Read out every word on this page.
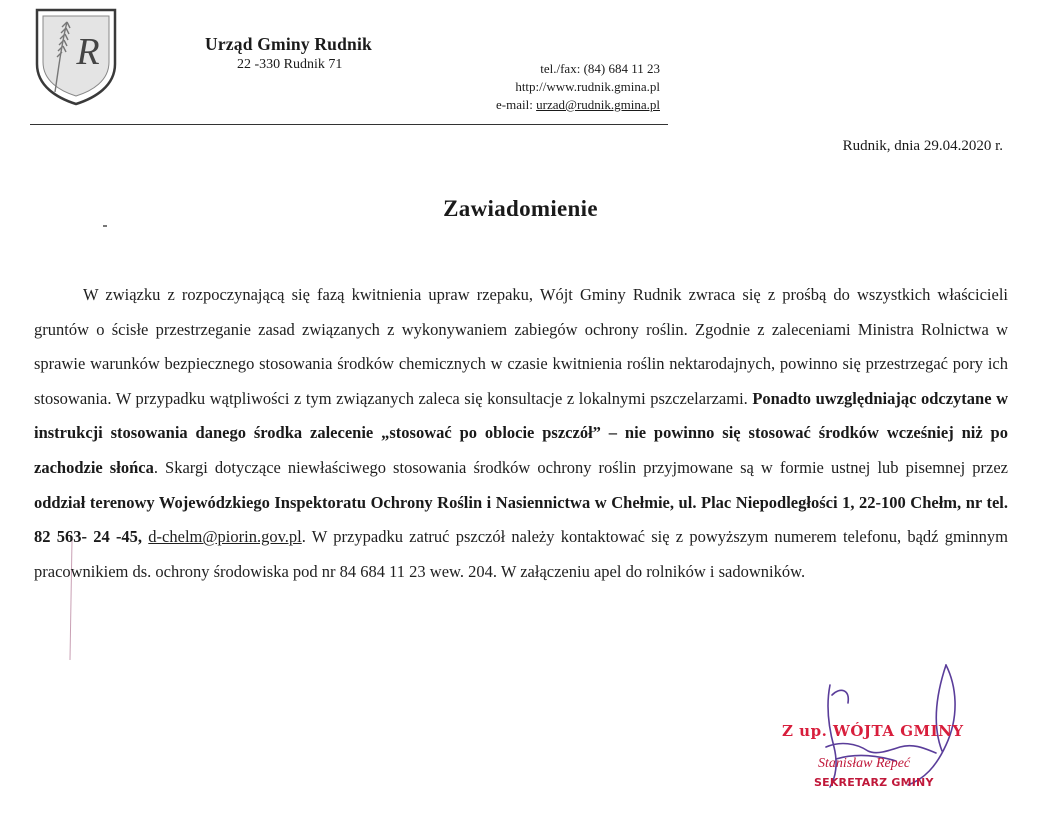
R	Urząd Gminy Rudnik
22 -330 Rudnik 71	tel./fax: (84) 684 11 23
http://www.rudnik.gmina.pl
e-mail: urzad@rudnik.gmina.pl
Rudnik, dnia 29.04.2020 r.
Zawiadomienie

W związku z rozpoczynającą się fazą kwitnienia upraw rzepaku, Wójt Gminy Rudnik zwraca się z prośbą do wszystkich właścicieli gruntów o ścisłe przestrzeganie zasad związanych z wykonywaniem zabiegów ochrony roślin. Zgodnie z zaleceniami Ministra Rolnictwa w sprawie warunków bezpiecznego stosowania środków chemicznych w czasie kwitnienia roślin nektarodajnych, powinno się przestrzegać pory ich stosowania. W przypadku wątpliwości z tym związanych zaleca się konsultacje z lokalnymi pszczelarzami. Ponadto uwzględniając odczytane w instrukcji stosowania danego środka zalecenie „stosować po oblocie pszczół” – nie powinno się stosować środków wcześniej niż po zachodzie słońca. Skargi dotyczące niewłaściwego stosowania środków ochrony roślin przyjmowane są w formie ustnej lub pisemnej przez oddział terenowy Wojewódzkiego Inspektoratu Ochrony Roślin i Nasiennictwa w Chełmie, ul. Plac Niepodległości 1, 22-100 Chełm, nr tel. 82 563- 24 -45, d-chelm@piorin.gov.pl. W przypadku zatruć pszczół należy kontaktować się z powyższym numerem telefonu, bądź gminnym pracownikiem ds. ochrony środowiska pod nr 84 684 11 23 wew. 204. W załączeniu apel do rolników i sadowników.

Z up. WÓJTA GMINY
Stanisław Repeć
SEKRETARZ GMINY
